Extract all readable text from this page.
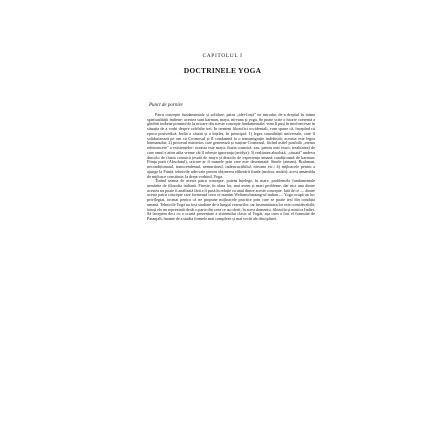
CAPITOLUL I
DOCTRINELE YOGA
Punct de pornire

Patru concepte fundamentale și solidare, patru „idei-forță" ne introduc de-a dreptul în inima spiritualității indiene: acestea sunt karman, maya, nirvana și yoga. Se poate scrie o istorie coerentă a gîndirii indiene pornind de la oricare din aceste concepte fundamentale; vom fi puși în mod necesar în situația de a vorbi despre celelalte trei. In termeni filozofici occidentali, vom spune că, începînd cu epoca postvedică, India a căutat și a înțeles, în principal: 1) legea cauzalității universale, care îl solidarizează pe om cu Cosmosul și îl condamnă la o transmigrație indefinită; aceasta este legea karmanului; 2) procesul misterios care generează și susține Cosmosul, făcînd astfel posibilă „eterna reîntoarcere" a existențelor: aceasta este maya, iluzia cosmică, sau, pentru mai exact, irealitatea) de care omul e atins atîta vreme cât îl orbește ignoranța (avidya); 3) realitatea absolută, „situată" undeva dincolo de iluzia cosmică țesută de maya și dincolo de experiența umană condiționată de karman: Ființa pură (Absolutul), oricare ar fi numele prin care este desemnată: Sinele (atman), Brahman, necondiționatul, transcendentul, nemuritorul, indestructibilul, nirvana etc.; 4) mijloacele pentru a ajunge la Ființă, tehnicile adecvate pentru obținerea eliberării finale (moksa, mukti): acest ansamblu de mijloace constituie, la drept vorbind, Yoga.

Tinînd seama de aceste patru concepte, putem înțelege, în mare, problemele fundamentale urmărite de filozofia indiană. Firește, în afara lor, mai avem și mari probleme, dar nici una dintre acestea nu poate fi analizată fără a fi pusă în relație cu unul dintre aceste concepte. Iată de ce — dintre aceste patru concepte care formează ceea ce numim Weltanschauung-ul indian — Yoga ocupă un loc privilegiat, tocmai pentru că ne propune mijloacele practice prin care se poate ieși din condiția umană. Tehnicile Yoga au fost studiate de-a lungul veacurilor, iar însemnătatea lor este considerabilă; totuși ele nu reprezintă decât o parte din ceea ce au oferit, în acest domeniu, filozofia și mistica Indiei. Să începem deci cu o scurtă prezentare a sistemului clasic al Yogăi, așa cum a fost el formulat de Patanjali, înainte de a studia formele mai complexe și mai vechi ale disciplinei.
